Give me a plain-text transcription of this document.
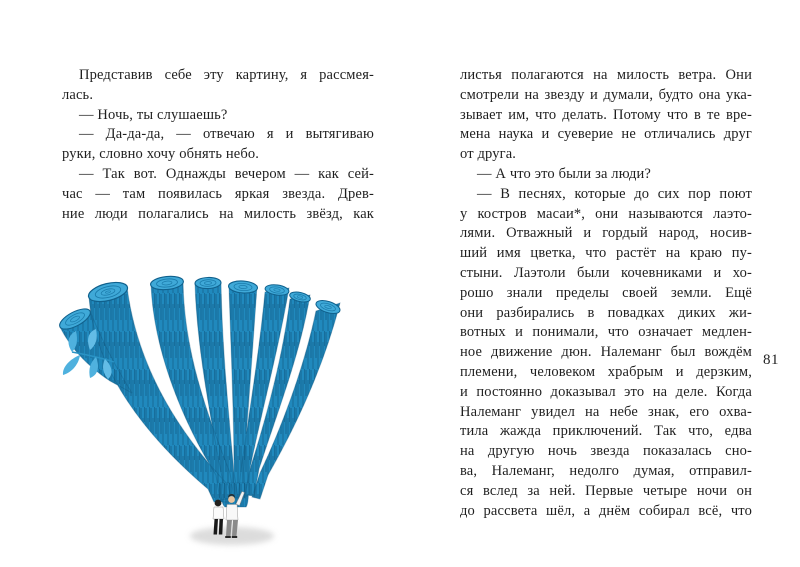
Представив себе эту картину, я рассмея-
лась.
— Ночь, ты слушаешь?
— Да-да-да, — отвечаю я и вытягиваю
руки, словно хочу обнять небо.
— Так вот. Однажды вечером — как сей-
час — там появилась яркая звезда. Древ-
ние люди полагались на милость звёзд, как
листья полагаются на милость ветра. Они
смотрели на звезду и думали, будто она ука-
зывает им, что делать. Потому что в те вре-
мена наука и суеверие не отличались друг
от друга.
— А что это были за люди?
— В песнях, которые до сих пор поют
у костров масаи*, они называются лаэто-
лями. Отважный и гордый народ, носив-
ший имя цветка, что растёт на краю пу-
стыни. Лаэтоли были кочевниками и хо-
рошо знали пределы своей земли. Ещё
они разбирались в повадках диких жи-
вотных и понимали, что означает медлен-
ное движение дюн. Налеманг был вождём
племени, человеком храбрым и дерзким,
и постоянно доказывал это на деле. Когда
Налеманг увидел на небе знак, его охва-
тила жажда приключений. Так что, едва
на другую ночь звезда показалась сно-
ва, Налеманг, недолго думая, отправил-
ся вслед за ней. Первые четыре ночи он
до рассвета шёл, а днём собирал всё, что
81
